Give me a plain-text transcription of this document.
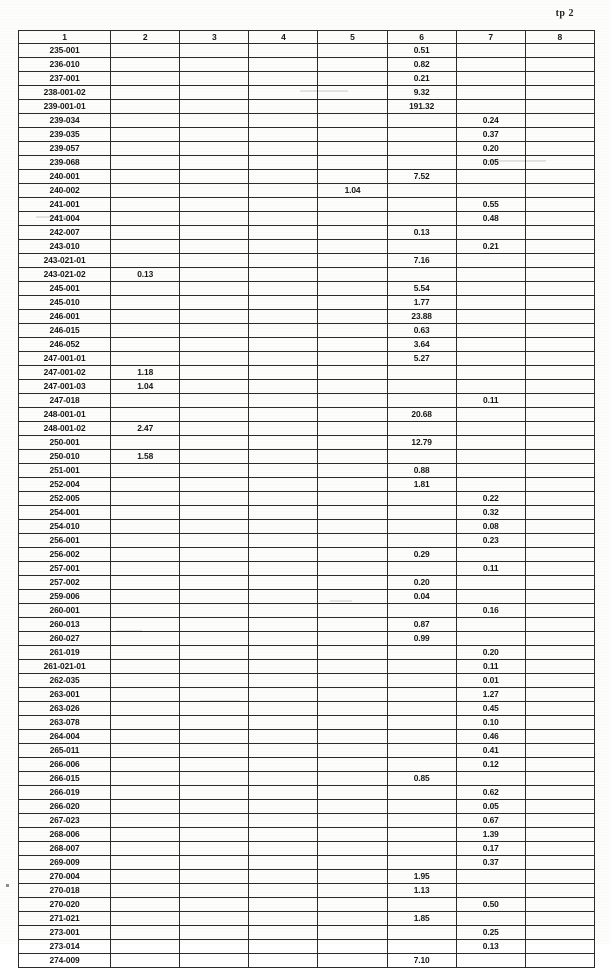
tp 2
1	2	3	4	5	6	7	8
235-001					0.51		
236-010					0.82		
237-001					0.21		
238-001-02					9.32		
239-001-01					191.32		
239-034						0.24	
239-035						0.37	
239-057						0.20	
239-068						0.05	
240-001					7.52		
240-002				1.04			
241-001						0.55	
241-004						0.48	
242-007					0.13		
243-010						0.21	
243-021-01					7.16		
243-021-02	0.13						
245-001					5.54		
245-010					1.77		
246-001					23.88		
246-015					0.63		
246-052					3.64		
247-001-01					5.27		
247-001-02	1.18						
247-001-03	1.04						
247-018						0.11	
248-001-01					20.68		
248-001-02	2.47						
250-001					12.79		
250-010	1.58						
251-001					0.88		
252-004					1.81		
252-005						0.22	
254-001						0.32	
254-010						0.08	
256-001						0.23	
256-002					0.29		
257-001						0.11	
257-002					0.20		
259-006					0.04		
260-001						0.16	
260-013					0.87		
260-027					0.99		
261-019						0.20	
261-021-01						0.11	
262-035						0.01	
263-001						1.27	
263-026						0.45	
263-078						0.10	
264-004						0.46	
265-011						0.41	
266-006						0.12	
266-015					0.85		
266-019						0.62	
266-020						0.05	
267-023						0.67	
268-006						1.39	
268-007						0.17	
269-009						0.37	
270-004					1.95		
270-018					1.13		
270-020						0.50	
271-021					1.85		
273-001						0.25	
273-014						0.13	
274-009					7.10		
